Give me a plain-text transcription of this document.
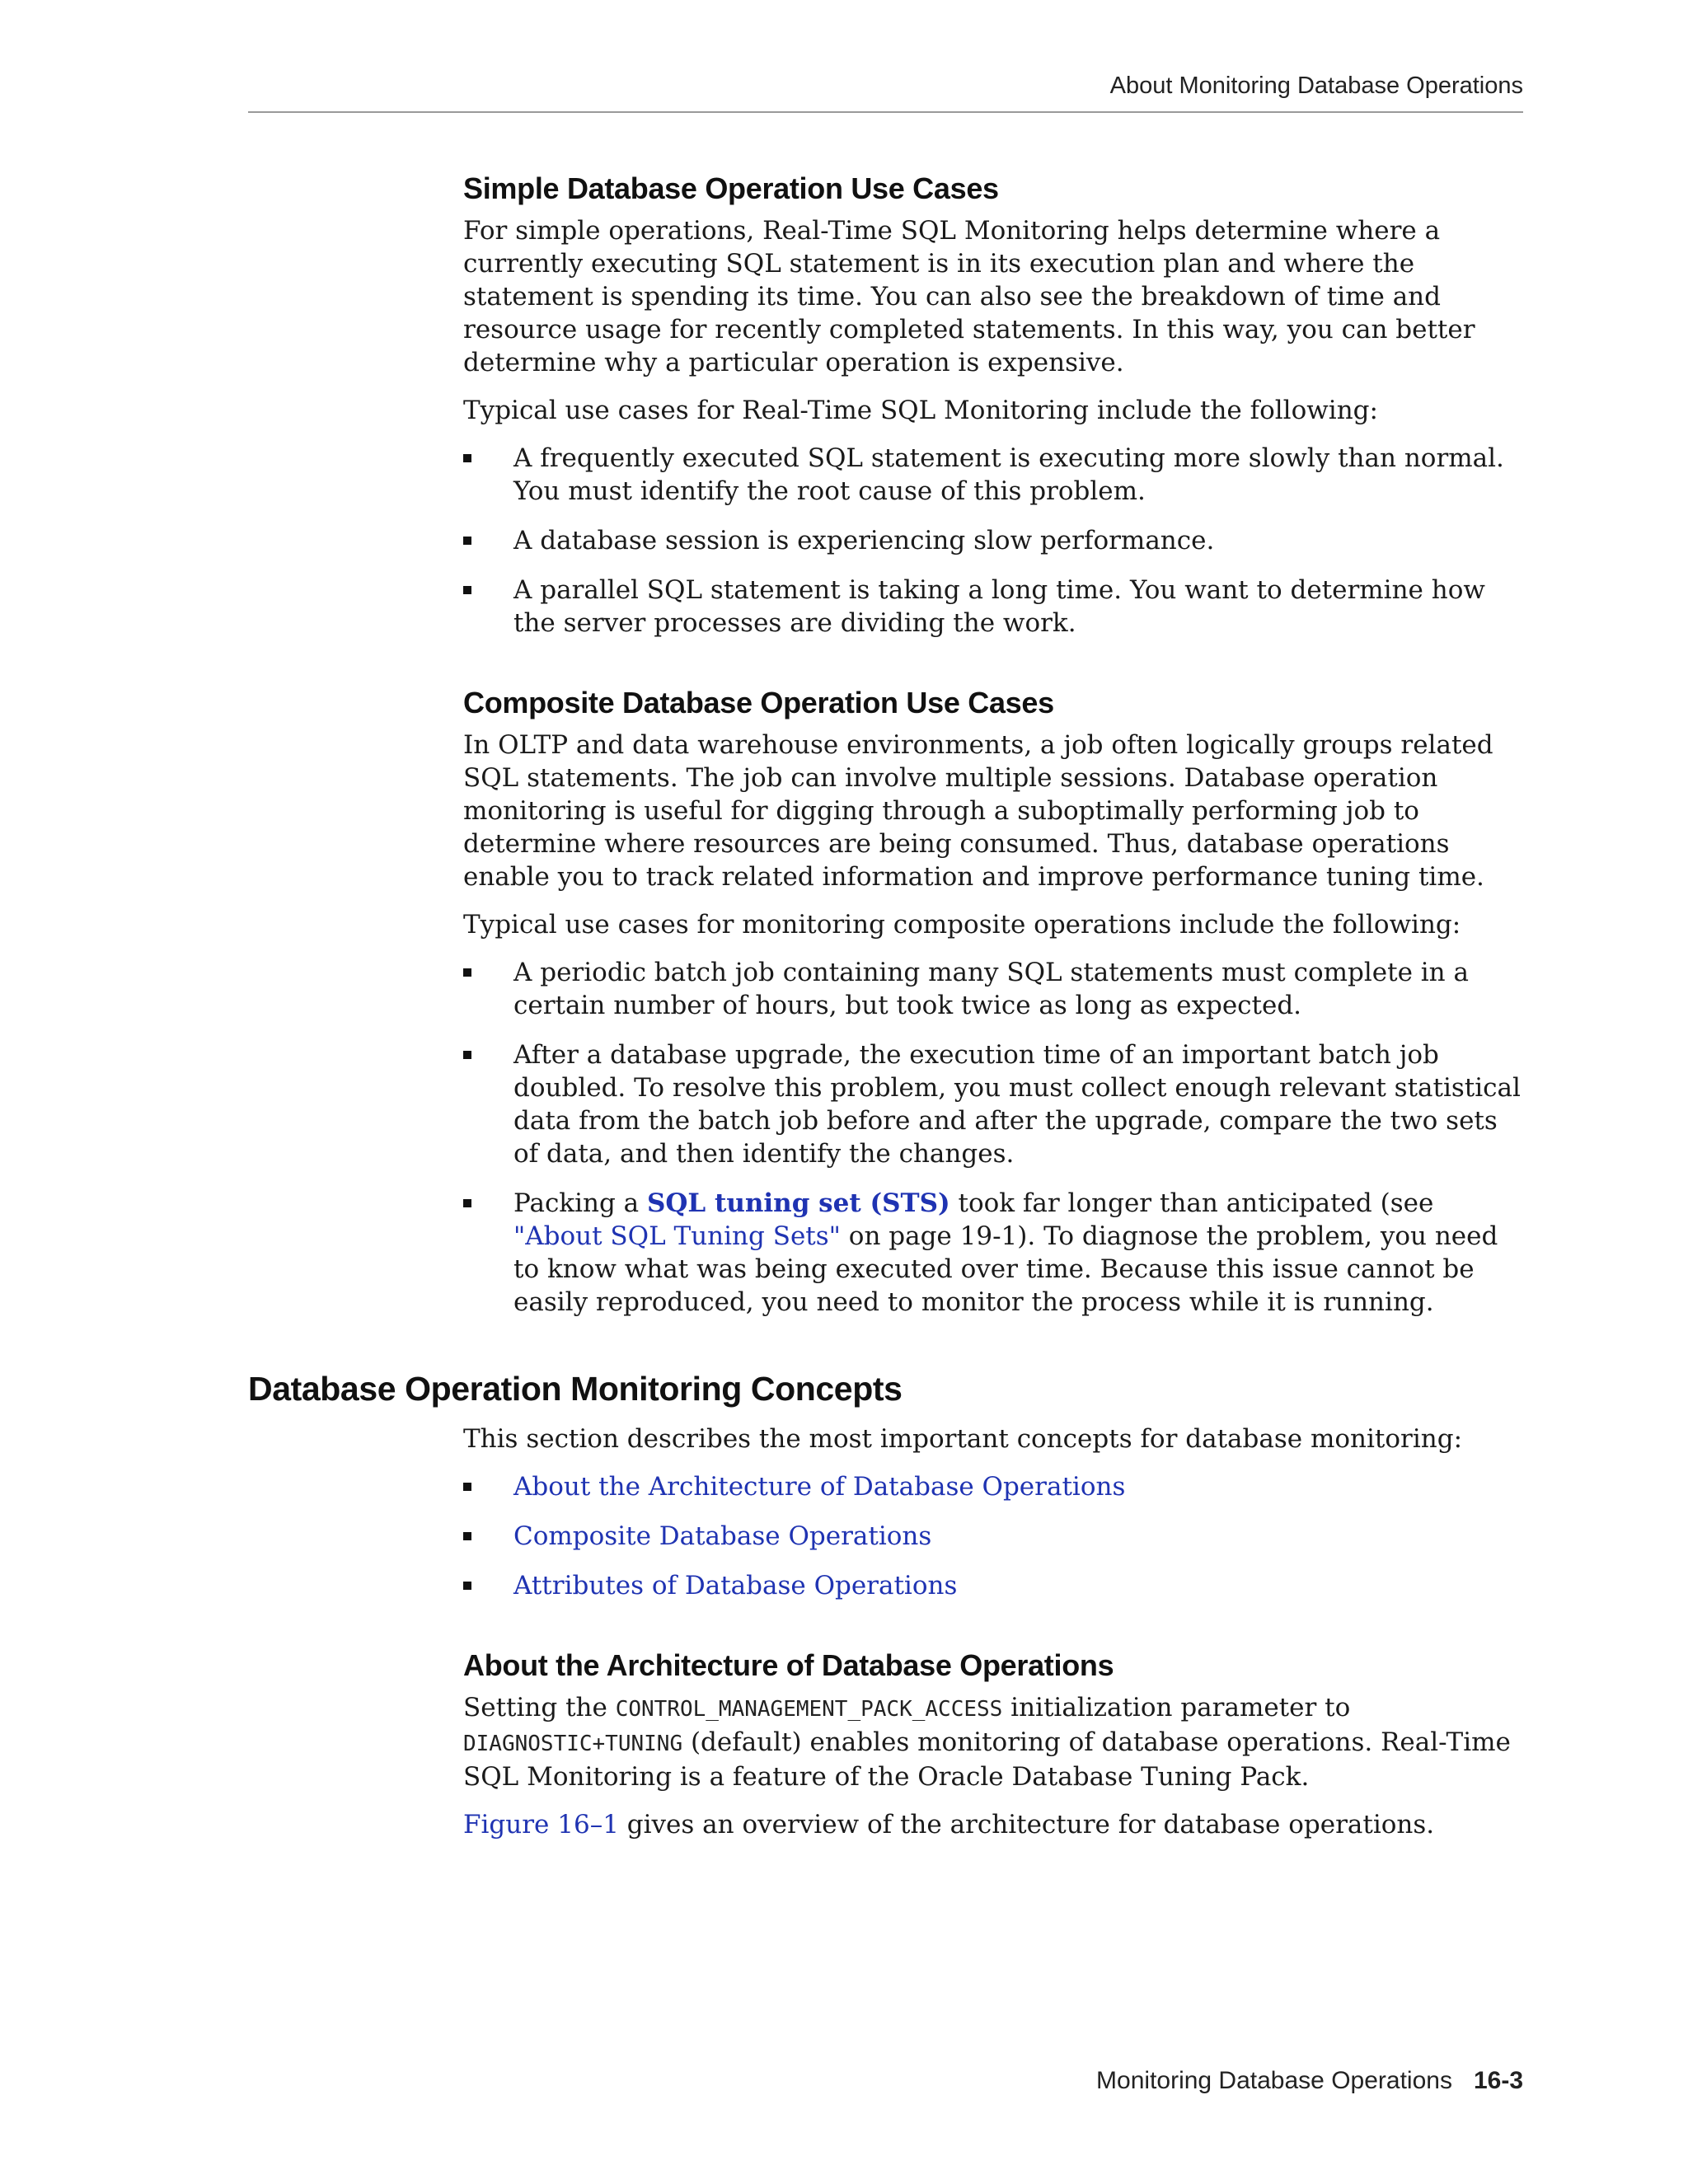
About Monitoring Database Operations
Simple Database Operation Use Cases

For simple operations, Real-Time SQL Monitoring helps determine where a currently executing SQL statement is in its execution plan and where the statement is spending its time. You can also see the breakdown of time and resource usage for recently completed statements. In this way, you can better determine why a particular operation is expensive.

Typical use cases for Real-Time SQL Monitoring include the following:

A frequently executed SQL statement is executing more slowly than normal. You must identify the root cause of this problem.
A database session is experiencing slow performance.
A parallel SQL statement is taking a long time. You want to determine how the server processes are dividing the work.
Composite Database Operation Use Cases

In OLTP and data warehouse environments, a job often logically groups related SQL statements. The job can involve multiple sessions. Database operation monitoring is useful for digging through a suboptimally performing job to determine where resources are being consumed. Thus, database operations enable you to track related information and improve performance tuning time.

Typical use cases for monitoring composite operations include the following:

A periodic batch job containing many SQL statements must complete in a certain number of hours, but took twice as long as expected.
After a database upgrade, the execution time of an important batch job doubled. To resolve this problem, you must collect enough relevant statistical data from the batch job before and after the upgrade, compare the two sets of data, and then identify the changes.
Packing a SQL tuning set (STS) took far longer than anticipated (see "About SQL Tuning Sets" on page 19-1). To diagnose the problem, you need to know what was being executed over time. Because this issue cannot be easily reproduced, you need to monitor the process while it is running.
Database Operation Monitoring Concepts

This section describes the most important concepts for database monitoring:

About the Architecture of Database Operations
Composite Database Operations
Attributes of Database Operations
About the Architecture of Database Operations

Setting the CONTROL_MANAGEMENT_PACK_ACCESS initialization parameter to DIAGNOSTIC+TUNING (default) enables monitoring of database operations. Real-Time SQL Monitoring is a feature of the Oracle Database Tuning Pack.

Figure 16–1 gives an overview of the architecture for database operations.

Monitoring Database Operations 16-3
